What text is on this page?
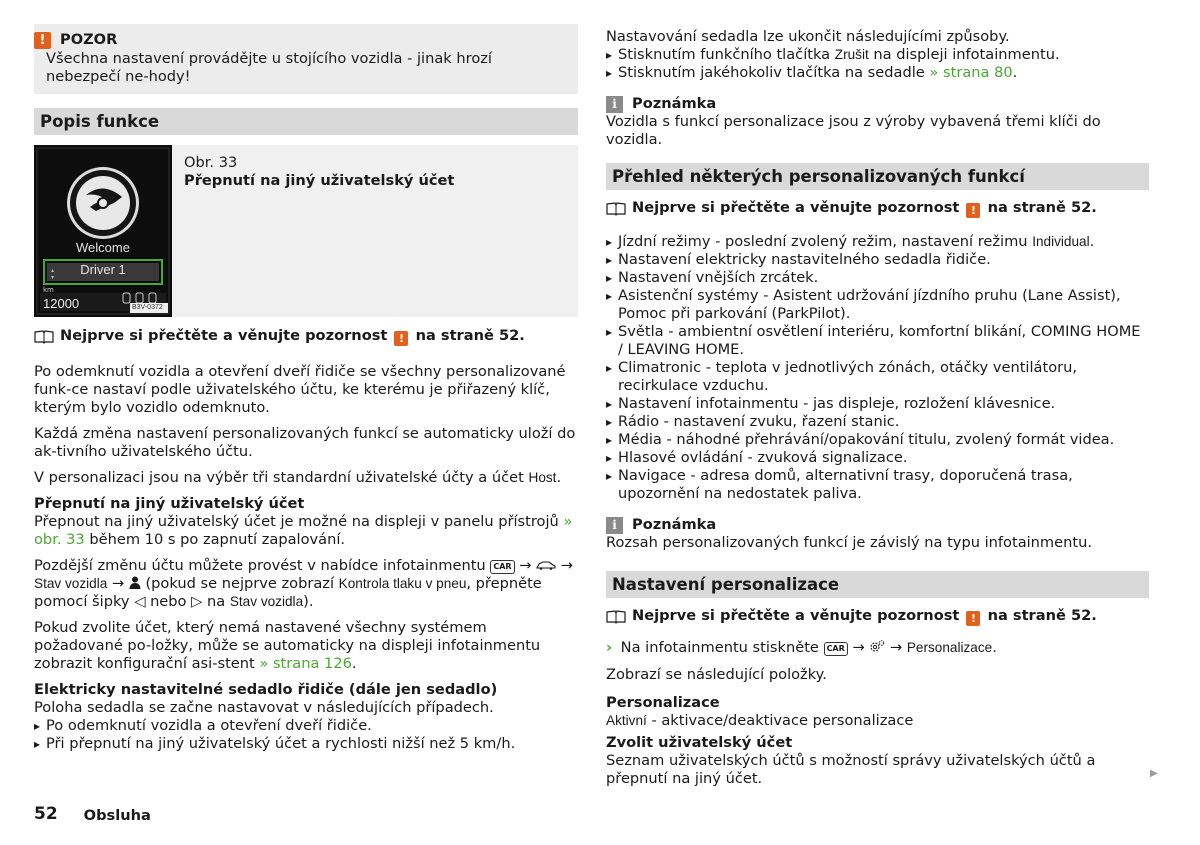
! POZOR
Všechna nastavení provádějte u stojícího vozidla - jinak hrozí nebezpečí ne-hody!
Popis funkce
▴
▾
Welcome
Driver 1
km
12000	B3V-0372
Obr. 33
Přepnutí na jiný uživatelský účet
Nejprve si přečtěte a věnujte pozornost ! na straně 52.

Po odemknutí vozidla a otevření dveří řidiče se všechny personalizované funk-ce nastaví podle uživatelského účtu, ke kterému je přiřazený klíč, kterým bylo vozidlo odemknuto.

Každá změna nastavení personalizovaných funkcí se automaticky uloží do ak-tivního uživatelského účtu.

V personalizaci jsou na výběr tři standardní uživatelské účty a účet Host.

Přepnutí na jiný uživatelský účet
Přepnout na jiný uživatelský účet je možné na displeji v panelu přístrojů » obr. 33 během 10 s po zapnutí zapalování.

Pozdější změnu účtu můžete provést v nabídce infotainmentu CAR → → Stav vozidla → (pokud se nejprve zobrazí Kontrola tlaku v pneu, přepněte pomocí šipky ◁ nebo ▷ na Stav vozidla).

Pokud zvolite účet, který nemá nastavené všechny systémem požadované po-ložky, může se automaticky na displeji infotainmentu zobrazit konfigurační asi-stent » strana 126.

Elektricky nastavitelné sedadlo řidiče (dále jen sedadlo)
Poloha sedadla se začne nastavovat v následujících případech.

▸ Po odemknutí vozidla a otevření dveří řidiče.
▸ Při přepnutí na jiný uživatelský účet a rychlosti nižší než 5 km/h.
Nastavování sedadla lze ukončit následujícími způsoby.
▸ Stisknutím funkčního tlačítka Zrušit na displeji infotainmentu.
▸ Stisknutím jakéhokoliv tlačítka na sedadle » strana 80.
i	Poznámka
Vozidla s funkcí personalizace jsou z výroby vybavená třemi klíči do vozidla.
Přehled některých personalizovaných funkcí
Nejprve si přečtěte a věnujte pozornost ! na straně 52.
▸ Jízdní režimy - poslední zvolený režim, nastavení režimu Individual.
▸ Nastavení elektricky nastavitelného sedadla řidiče.
▸ Nastavení vnějších zrcátek.
▸ Asistenční systémy - Asistent udržování jízdního pruhu (Lane Assist), Pomoc při parkování (ParkPilot).
▸ Světla - ambientní osvětlení interiéru, komfortní blikání, COMING HOME / LEAVING HOME.
▸ Climatronic - teplota v jednotlivých zónách, otáčky ventilátoru, recirkulace vzduchu.
▸ Nastavení infotainmentu - jas displeje, rozložení klávesnice.
▸ Rádio - nastavení zvuku, řazení stanic.
▸ Média - náhodné přehrávání/opakování titulu, zvolený formát videa.
▸ Hlasové ovládání - zvuková signalizace.
▸ Navigace - adresa domů, alternativní trasy, doporučená trasa, upozornění na nedostatek paliva.
i	Poznámka
Rozsah personalizovaných funkcí je závislý na typu infotainmentu.
Nastavení personalizace
Nejprve si přečtěte a věnujte pozornost ! na straně 52.
› Na infotainmentu stiskněte CAR → → Personalizace.

Zobrazí se následující položky.

Personalizace
Aktivní - aktivace/deaktivace personalizace

Zvolit uživatelský účet
Seznam uživatelských účtů s možností správy uživatelských účtů a přepnutí na jiný účet.	▶
52 Obsluha
